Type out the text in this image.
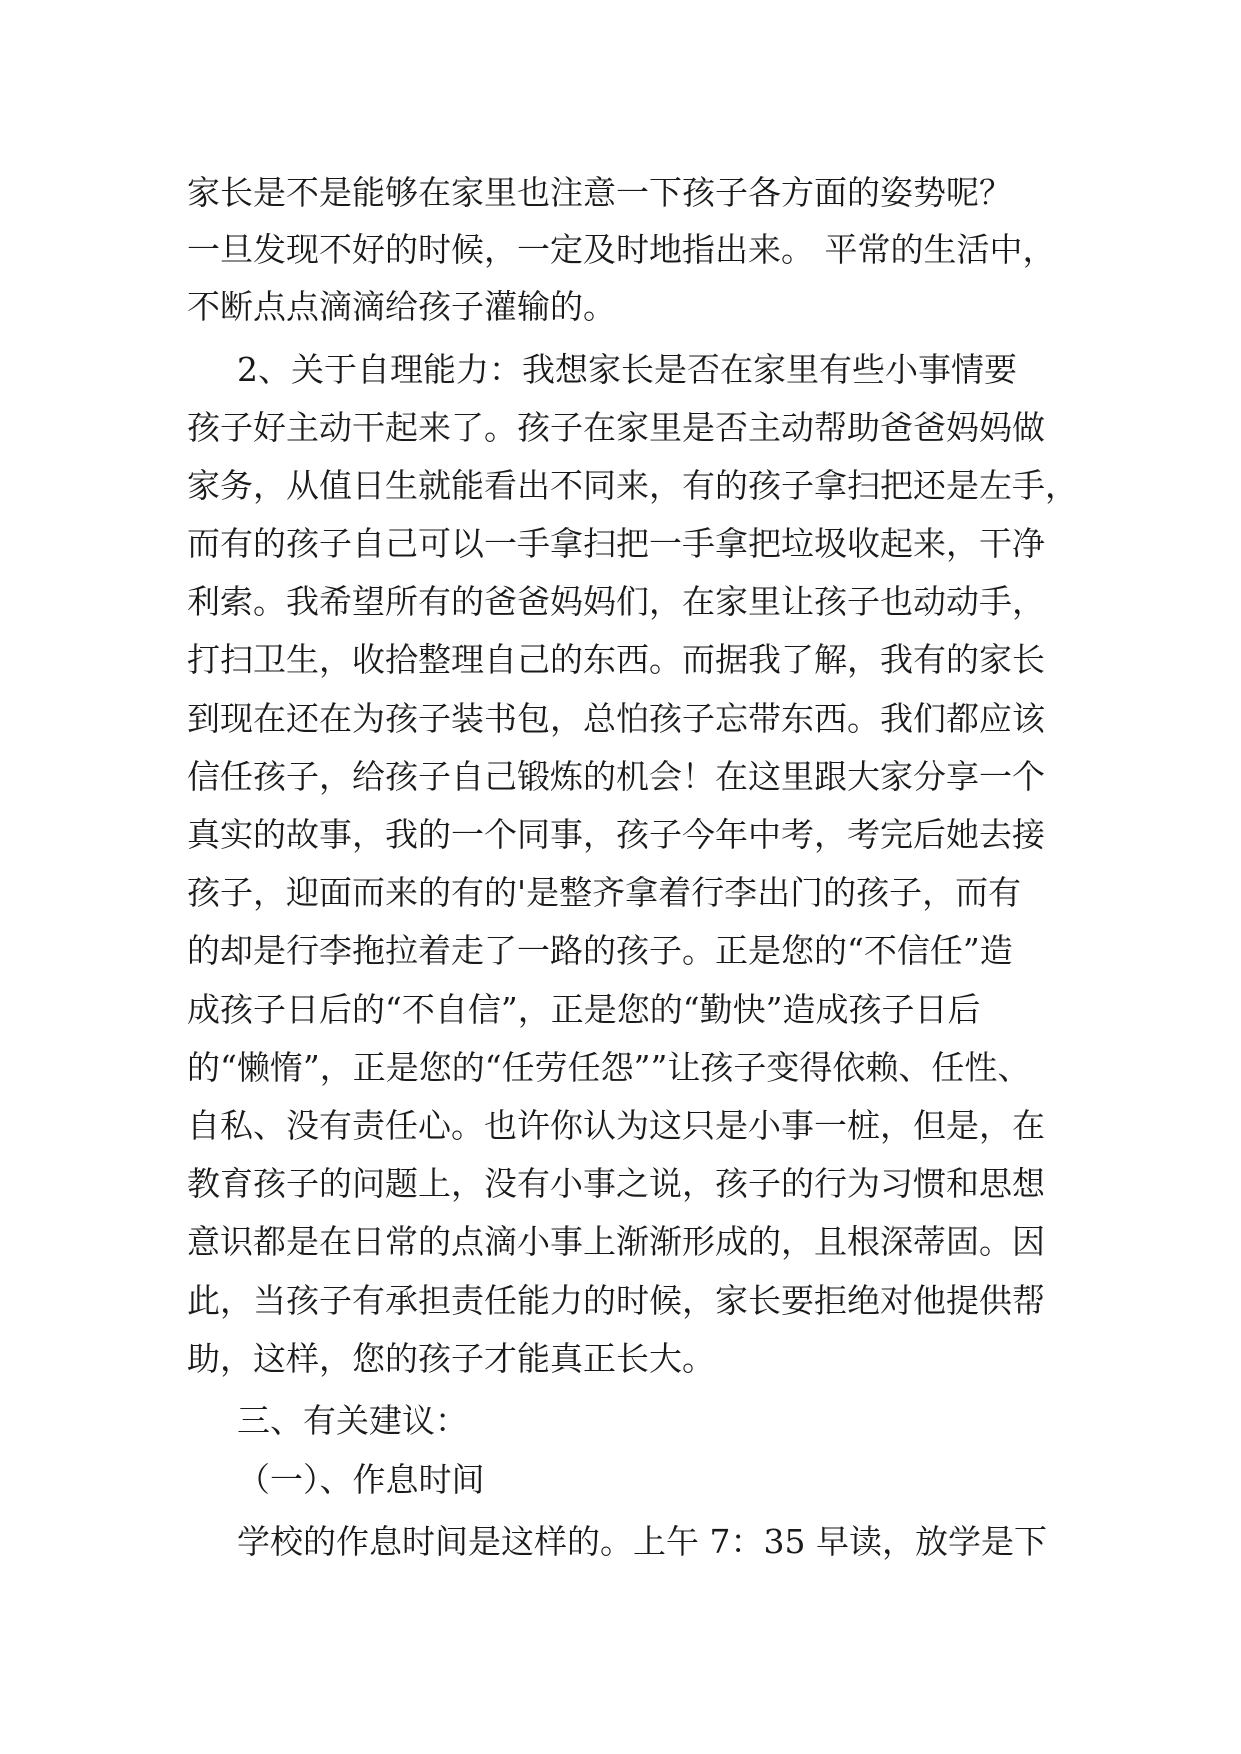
家长是不是能够在家里也注意一下孩子各方面的姿势呢？
一旦发现不好的时候，一定及时地指出来。 平常的生活中，
不断点点滴滴给孩子灌输的。
2、关于自理能力：我想家长是否在家里有些小事情要
孩子好主动干起来了。孩子在家里是否主动帮助爸爸妈妈做
家务，从值日生就能看出不同来，有的孩子拿扫把还是左手，
而有的孩子自己可以一手拿扫把一手拿把垃圾收起来，干净
利索。我希望所有的爸爸妈妈们，在家里让孩子也动动手，
打扫卫生，收拾整理自己的东西。而据我了解，我有的家长
到现在还在为孩子装书包，总怕孩子忘带东西。我们都应该
信任孩子，给孩子自己锻炼的机会！在这里跟大家分享一个
真实的故事，我的一个同事，孩子今年中考，考完后她去接
孩子，迎面而来的有的'是整齐拿着行李出门的孩子，而有
的却是行李拖拉着走了一路的孩子。正是您的“不信任”造
成孩子日后的“不自信”，正是您的“勤快”造成孩子日后
的“懒惰”，正是您的“任劳任怨””让孩子变得依赖、任性、
自私、没有责任心。也许你认为这只是小事一桩，但是，在
教育孩子的问题上，没有小事之说，孩子的行为习惯和思想
意识都是在日常的点滴小事上渐渐形成的，且根深蒂固。因
此，当孩子有承担责任能力的时候，家长要拒绝对他提供帮
助，这样，您的孩子才能真正长大。
三、有关建议：
（一）、作息时间
学校的作息时间是这样的。上午 7：35 早读，放学是下
